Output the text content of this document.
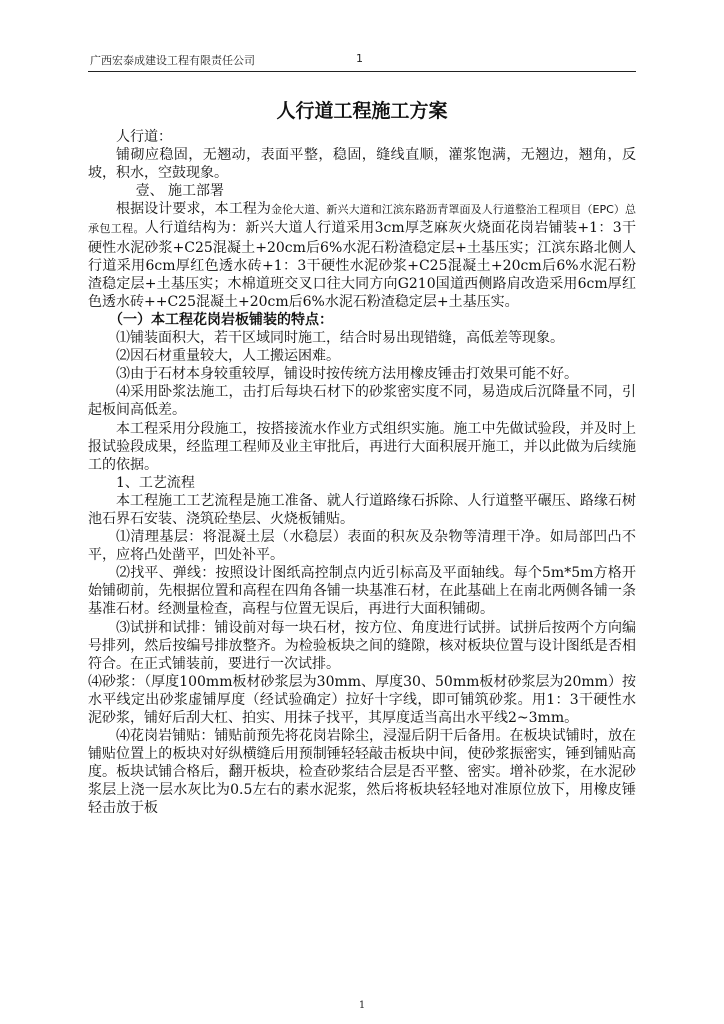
广西宏泰成建设工程有限责任公司	1
人行道工程施工方案

人行道：

铺砌应稳固，无翘动，表面平整，稳固，缝线直顺，灌浆饱满，无翘边，翘角，反坡，积水，空鼓现象。

壹、 施工部署

根据设计要求，本工程为金伦大道、新兴大道和江滨东路沥青罩面及人行道整治工程项目（EPC）总承包工程。人行道结构为：新兴大道人行道采用3cm厚芝麻灰火烧面花岗岩铺装+1：3干硬性水泥砂浆+C25混凝土+20cm后6%水泥石粉渣稳定层+土基压实；江滨东路北侧人行道采用6cm厚红色透水砖+1：3干硬性水泥砂浆+C25混凝土+20cm后6%水泥石粉渣稳定层+土基压实；木棉道班交叉口往大同方向G210国道西侧路肩改造采用6cm厚红色透水砖++C25混凝土+20cm后6%水泥石粉渣稳定层+土基压实。

（一）本工程花岗岩板铺装的特点：

⑴铺装面积大，若干区域同时施工，结合时易出现错缝，高低差等现象。

⑵因石材重量较大，人工搬运困难。

⑶由于石材本身较重较厚，铺设时按传统方法用橡皮锤击打效果可能不好。

⑷采用卧浆法施工，击打后每块石材下的砂浆密实度不同，易造成后沉降量不同，引起板间高低差。

本工程采用分段施工，按搭接流水作业方式组织实施。施工中先做试验段，并及时上报试验段成果，经监理工程师及业主审批后，再进行大面积展开施工，并以此做为后续施工的依据。

1、工艺流程

本工程施工工艺流程是施工准备、就人行道路缘石拆除、人行道整平碾压、路缘石树池石界石安装、浇筑砼垫层、火烧板铺贴。

⑴清理基层：将混凝土层（水稳层）表面的积灰及杂物等清理干净。如局部凹凸不平，应将凸处凿平，凹处补平。

⑵找平、弹线：按照设计图纸高控制点内近引标高及平面轴线。每个5m*5m方格开始铺砌前，先根据位置和高程在四角各铺一块基准石材，在此基础上在南北两侧各铺一条基准石材。经测量检查，高程与位置无误后，再进行大面积铺砌。

⑶试拼和试排：铺设前对每一块石材，按方位、角度进行试拼。试拼后按两个方向编号排列，然后按编号排放整齐。为检验板块之间的缝隙，核对板块位置与设计图纸是否相符合。在正式铺装前，要进行一次试排。

⑷砂浆：（厚度100mm板材砂浆层为30mm、厚度30、50mm板材砂浆层为20mm）按水平线定出砂浆虚铺厚度（经试验确定）拉好十字线，即可铺筑砂浆。用1：3干硬性水泥砂浆，铺好后刮大杠、拍实、用抹子找平，其厚度适当高出水平线2~3mm。

⑷花岗岩铺贴：铺贴前预先将花岗岩除尘，浸湿后阴干后备用。在板块试铺时，放在铺贴位置上的板块对好纵横缝后用预制锤轻轻敲击板块中间，使砂浆振密实，锤到铺贴高度。板块试铺合格后，翻开板块，检查砂浆结合层是否平整、密实。增补砂浆，在水泥砂浆层上浇一层水灰比为0.5左右的素水泥浆，然后将板块轻轻地对准原位放下，用橡皮锤轻击放于板

1
